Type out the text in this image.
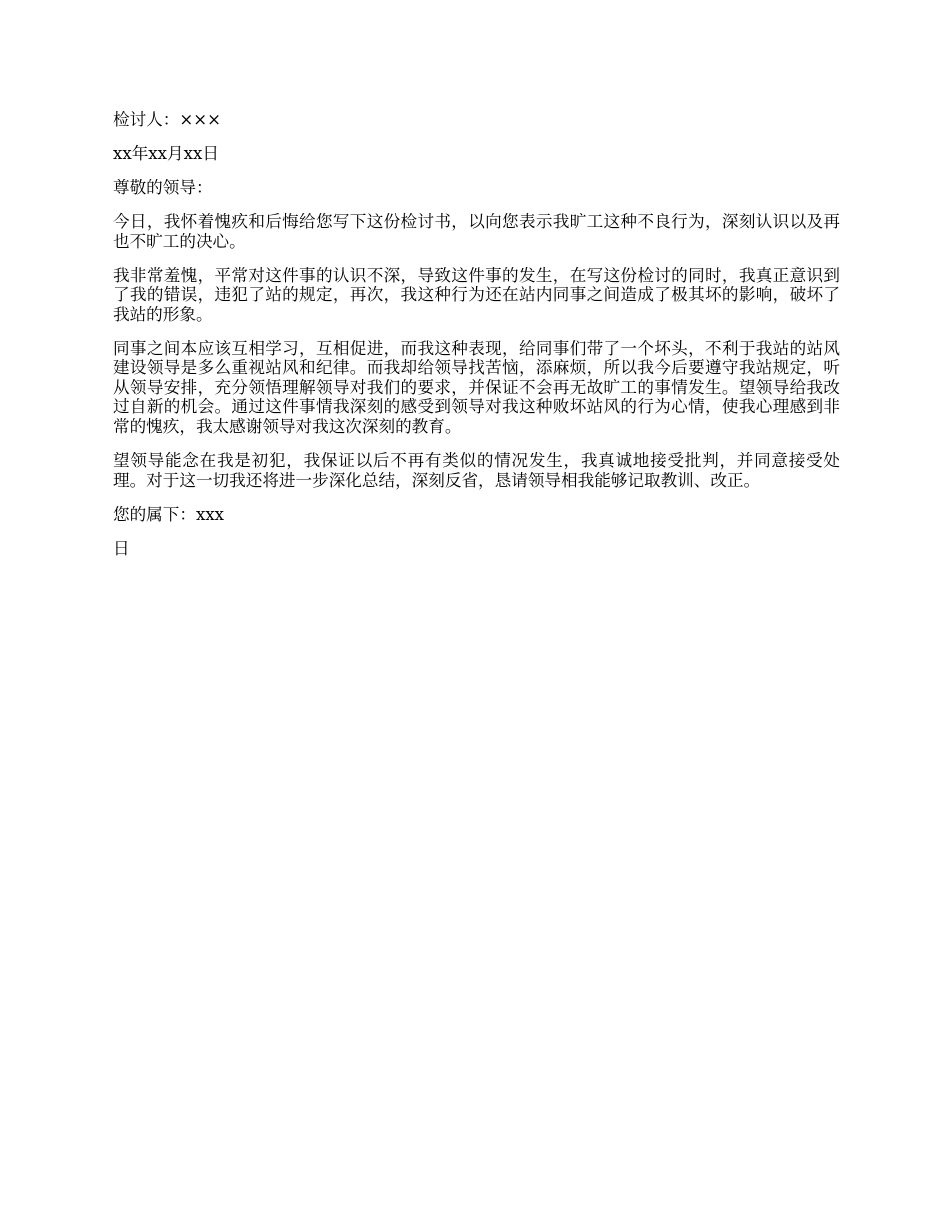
检讨人：×××

xx年xx月xx日

尊敬的领导：

今日，我怀着愧疚和后悔给您写下这份检讨书，以向您表示我旷工这种不良行为，深刻认识以及再也不旷工的决心。

我非常羞愧，平常对这件事的认识不深，导致这件事的发生，在写这份检讨的同时，我真正意识到了我的错误，违犯了站的规定，再次，我这种行为还在站内同事之间造成了极其坏的影响，破坏了我站的形象。

同事之间本应该互相学习，互相促进，而我这种表现，给同事们带了一个坏头，不利于我站的站风建设领导是多么重视站风和纪律。而我却给领导找苦恼，添麻烦，所以我今后要遵守我站规定，听从领导安排，充分领悟理解领导对我们的要求，并保证不会再无故旷工的事情发生。望领导给我改过自新的机会。通过这件事情我深刻的感受到领导对我这种败坏站风的行为心情，使我心理感到非常的愧疚，我太感谢领导对我这次深刻的教育。

望领导能念在我是初犯，我保证以后不再有类似的情况发生，我真诚地接受批判，并同意接受处理。对于这一切我还将进一步深化总结，深刻反省，恳请领导相我能够记取教训、改正。

您的属下：xxx

日
